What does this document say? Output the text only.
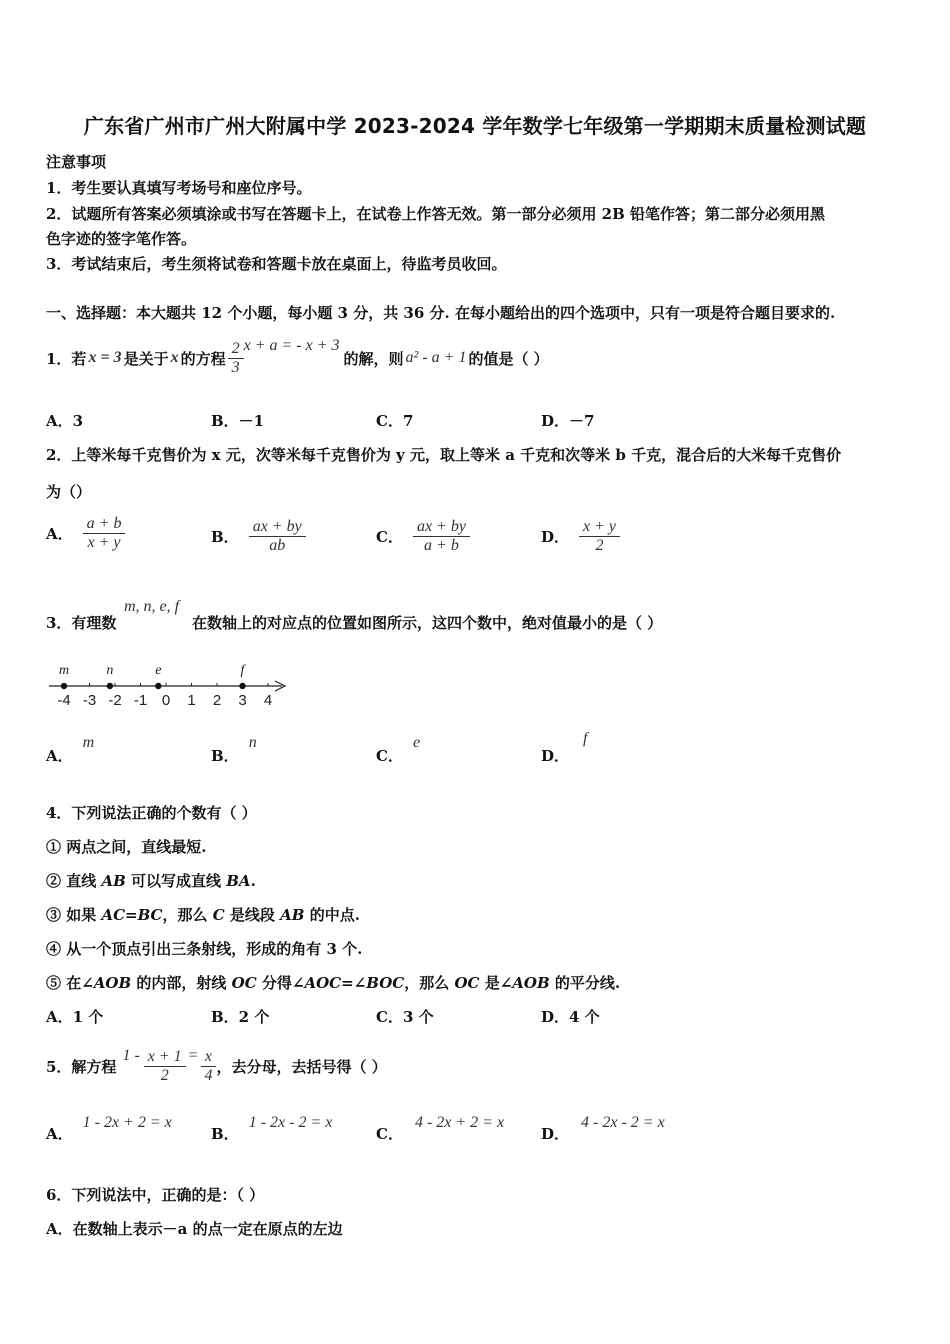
广东省广州市广州大附属中学 2023-2024 学年数学七年级第一学期期末质量检测试题
注意事项
1．考生要认真填写考场号和座位序号。
2．试题所有答案必须填涂或书写在答题卡上，在试卷上作答无效。第一部分必须用 2B 铅笔作答；第二部分必须用黑
色字迹的签字笔作答。
3．考试结束后，考生须将试卷和答题卡放在桌面上，待监考员收回。
一、选择题：本大题共 12 个小题，每小题 3 分，共 36 分. 在每小题给出的四个选项中，只有一项是符合题目要求的.
1．若 x = 3 是关于 x 的方程 $\frac{2}{3}$ x + a = - x + 3
的解，则 a² - a + 1 的值是（ ）
A．3	B．－1	C．7	D．－7
2．上等米每千克售价为 x 元，次等米每千克售价为 y 元，取上等米 a 千克和次等米 b 千克，混合后的大米每千克售价
为（）
A． $\frac{a + b}{x + y}$	B． $\frac{ax + by}{ab}$	C． $\frac{ax + by}{a + b}$	D． $\frac{x + y}{2}$
3．有理数
m, n, e, f
在数轴上的对应点的位置如图所示，这四个数中，绝对值最小的是（ ）
-4 -3 -2 -1 0 1 2 3 4
m	n	e	f
A．
m
B．
n
C．
e
D．
f
4．下列说法正确的个数有（ ）
① 两点之间，直线最短.
② 直线 AB 可以写成直线 BA.
③ 如果 AC=BC，那么 C 是线段 AB 的中点.
④ 从一个顶点引出三条射线，形成的角有 3 个.
⑤ 在∠AOB 的内部，射线 OC 分得∠AOC=∠BOC，那么 OC 是∠AOB 的平分线.
A．1 个	B．2 个	C．3 个	D．4 个
5．解方程
$1 - \frac{x + 1}{2} = \frac{x}{4}$ ，去分母，去括号得（ ）
A．
1 - 2x + 2 = x
B．
1 - 2x - 2 = x
C．
4 - 2x + 2 = x
D．
4 - 2x - 2 = x
6．下列说法中，正确的是：（ ）
A．在数轴上表示－a 的点一定在原点的左边
